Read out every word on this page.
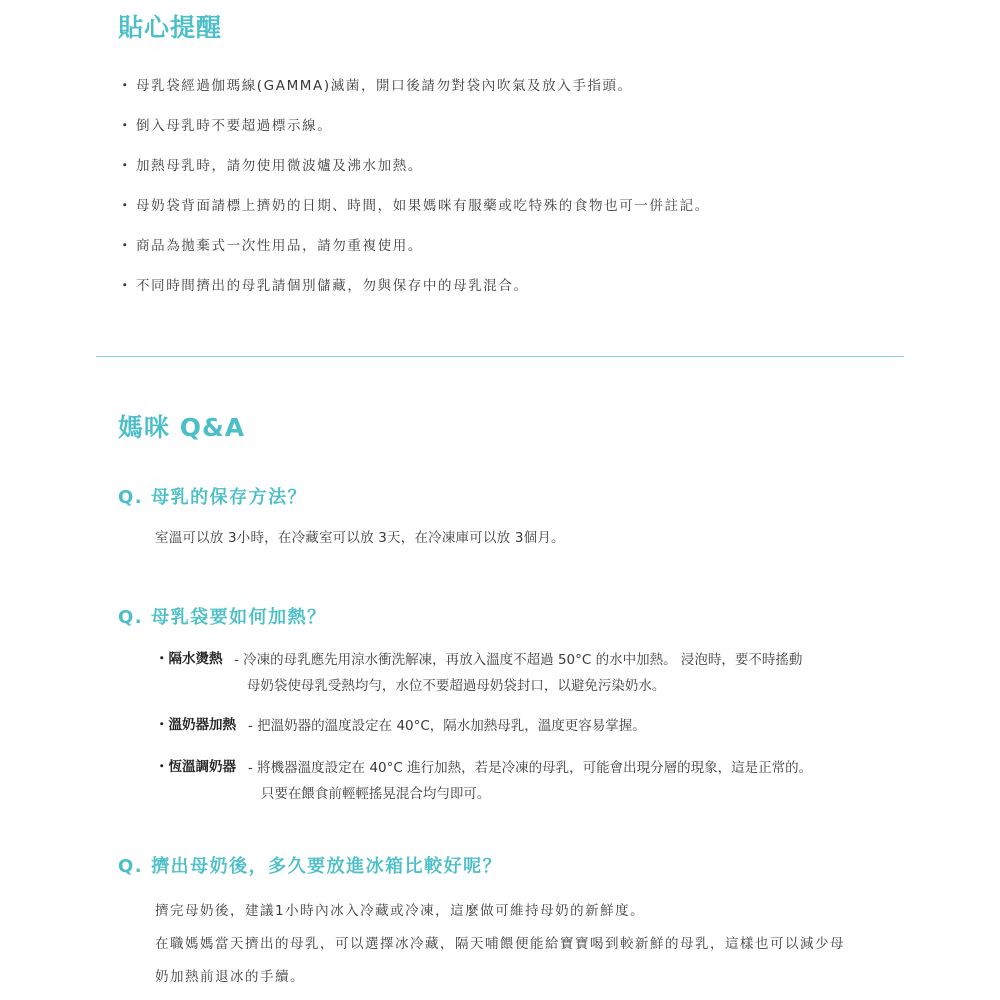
貼心提醒
・ 母乳袋經過伽瑪線(GAMMA)滅菌，開口後請勿對袋內吹氣及放入手指頭。
・ 倒入母乳時不要超過標示線。
・ 加熱母乳時，請勿使用微波爐及沸水加熱。
・ 母奶袋背面請標上擠奶的日期、時間，如果媽咪有服藥或吃特殊的食物也可一併註記。
・ 商品為拋棄式一次性用品，請勿重複使用。
・ 不同時間擠出的母乳請個別儲藏，勿與保存中的母乳混合。
媽咪 Q&A
Q. 母乳的保存方法？

室溫可以放 3小時，在冷藏室可以放 3天，在冷凍庫可以放 3個月。

Q. 母乳袋要如何加熱？
・隔水燙熱 - 冷凍的母乳應先用涼水衝洗解凍，再放入溫度不超過 50°C 的水中加熱。 浸泡時，要不時搖動
母奶袋使母乳受熱均勻，水位不要超過母奶袋封口，以避免污染奶水。
・溫奶器加熱 - 把溫奶器的溫度設定在 40°C，隔水加熱母乳，溫度更容易掌握。
・恆溫調奶器 - 將機器溫度設定在 40°C 進行加熱，若是冷凍的母乳，可能會出現分層的現象，這是正常的。
只要在餵食前輕輕搖晃混合均勻即可。
Q. 擠出母奶後，多久要放進冰箱比較好呢？

擠完母奶後，建議1小時內冰入冷藏或冷凍，這麼做可維持母奶的新鮮度。

在職媽媽當天擠出的母乳，可以選擇冰冷藏，隔天哺餵便能給寶寶喝到較新鮮的母乳，這樣也可以減少母
奶加熱前退冰的手續。
